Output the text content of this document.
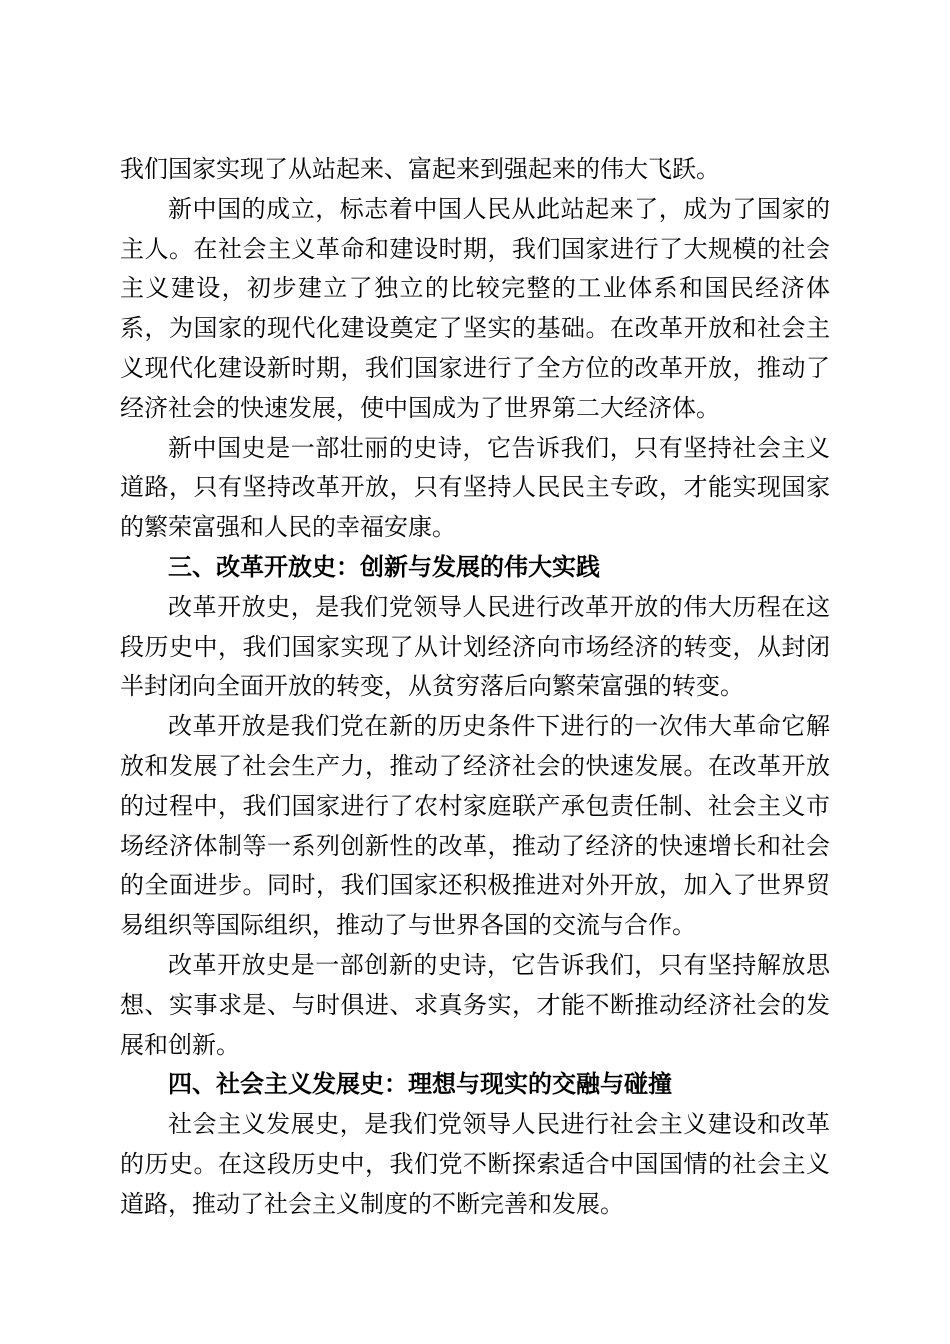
我们国家实现了从站起来、富起来到强起来的伟大飞跃。

新中国的成立，标志着中国人民从此站起来了，成为了国家的主人。在社会主义革命和建设时期，我们国家进行了大规模的社会主义建设，初步建立了独立的比较完整的工业体系和国民经济体系，为国家的现代化建设奠定了坚实的基础。在改革开放和社会主义现代化建设新时期，我们国家进行了全方位的改革开放，推动了经济社会的快速发展，使中国成为了世界第二大经济体。

新中国史是一部壮丽的史诗，它告诉我们，只有坚持社会主义道路，只有坚持改革开放，只有坚持人民民主专政，才能实现国家的繁荣富强和人民的幸福安康。

三、改革开放史：创新与发展的伟大实践

改革开放史，是我们党领导人民进行改革开放的伟大历程在这段历史中，我们国家实现了从计划经济向市场经济的转变，从封闭半封闭向全面开放的转变，从贫穷落后向繁荣富强的转变。

改革开放是我们党在新的历史条件下进行的一次伟大革命它解放和发展了社会生产力，推动了经济社会的快速发展。在改革开放的过程中，我们国家进行了农村家庭联产承包责任制、社会主义市场经济体制等一系列创新性的改革，推动了经济的快速增长和社会的全面进步。同时，我们国家还积极推进对外开放，加入了世界贸易组织等国际组织，推动了与世界各国的交流与合作。

改革开放史是一部创新的史诗，它告诉我们，只有坚持解放思想、实事求是、与时俱进、求真务实，才能不断推动经济社会的发展和创新。

四、社会主义发展史：理想与现实的交融与碰撞

社会主义发展史，是我们党领导人民进行社会主义建设和改革的历史。在这段历史中，我们党不断探索适合中国国情的社会主义道路，推动了社会主义制度的不断完善和发展。
